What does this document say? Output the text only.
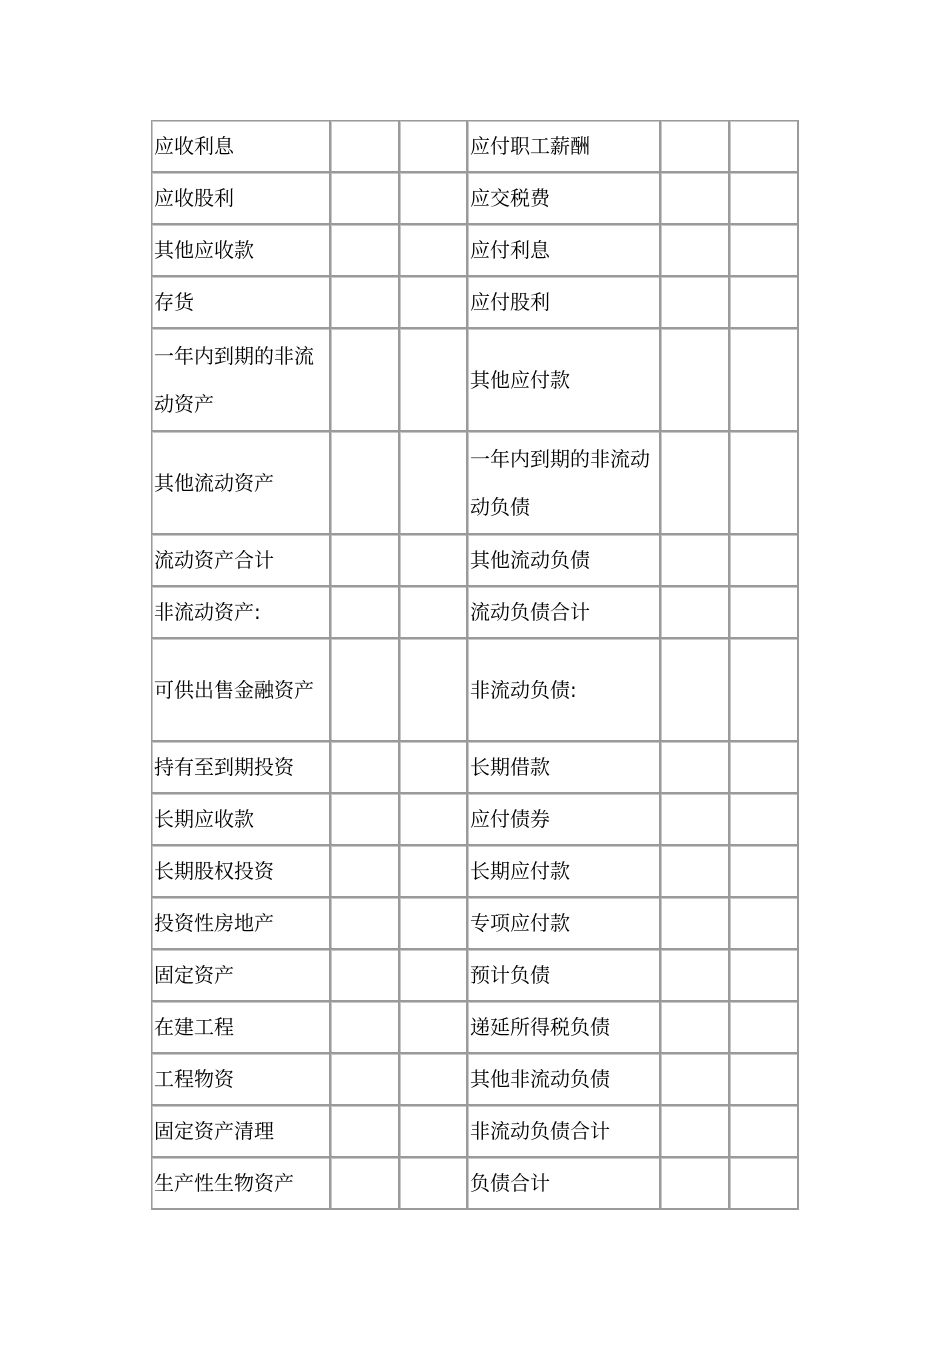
应收利息			应付职工薪酬		
应收股利			应交税费		
其他应收款			应付利息		
存货			应付股利		
一年内到期的非流动资产			其他应付款		
其他流动资产			一年内到期的非流动动负债		
流动资产合计			其他流动负债		
非流动资产:			流动负债合计		
可供出售金融资产			非流动负债:		
持有至到期投资			长期借款		
长期应收款			应付债券		
长期股权投资			长期应付款		
投资性房地产			专项应付款		
固定资产			预计负债		
在建工程			递延所得税负债		
工程物资			其他非流动负债		
固定资产清理			非流动负债合计		
生产性生物资产			负债合计		
